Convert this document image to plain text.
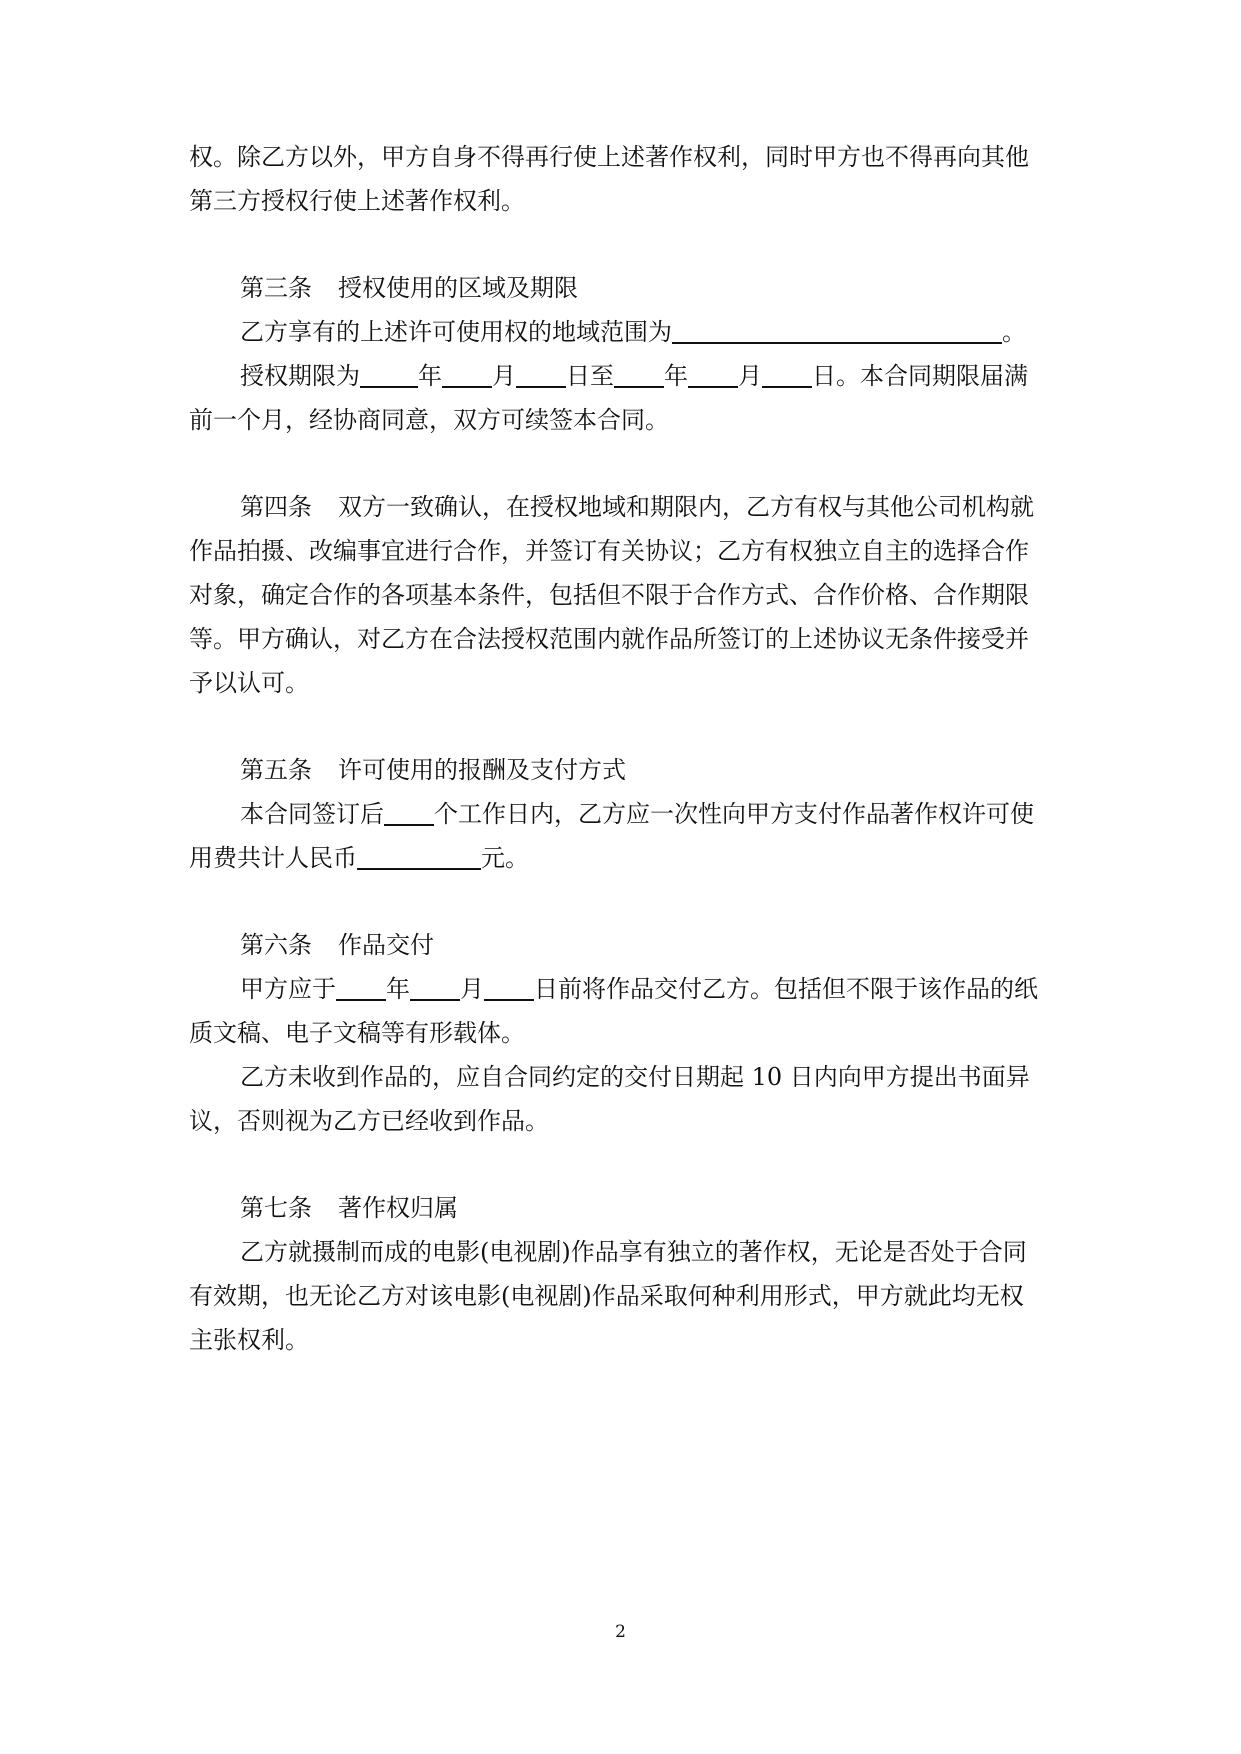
权。除乙方以外，甲方自身不得再行使上述著作权利，同时甲方也不得再向其他
第三方授权行使上述著作权利。
第三条 授权使用的区域及期限
乙方享有的上述许可使用权的地域范围为	。
授权期限为 年 月 日至 年 月 日。本合同期限届满
前一个月，经协商同意，双方可续签本合同。
第四条 双方一致确认，在授权地域和期限内，乙方有权与其他公司机构就
作品拍摄、改编事宜进行合作，并签订有关协议；乙方有权独立自主的选择合作
对象，确定合作的各项基本条件，包括但不限于合作方式、合作价格、合作期限
等。甲方确认，对乙方在合法授权范围内就作品所签订的上述协议无条件接受并
予以认可。
第五条 许可使用的报酬及支付方式
本合同签订后 个工作日内，乙方应一次性向甲方支付作品著作权许可使
用费共计人民币	元。
第六条 作品交付
甲方应于 年 月 日前将作品交付乙方。包括但不限于该作品的纸
质文稿、电子文稿等有形载体。
乙方未收到作品的，应自合同约定的交付日期起 10 日内向甲方提出书面异
议，否则视为乙方已经收到作品。
第七条 著作权归属
乙方就摄制而成的电影(电视剧)作品享有独立的著作权，无论是否处于合同
有效期，也无论乙方对该电影(电视剧)作品采取何种利用形式，甲方就此均无权
主张权利。
2
